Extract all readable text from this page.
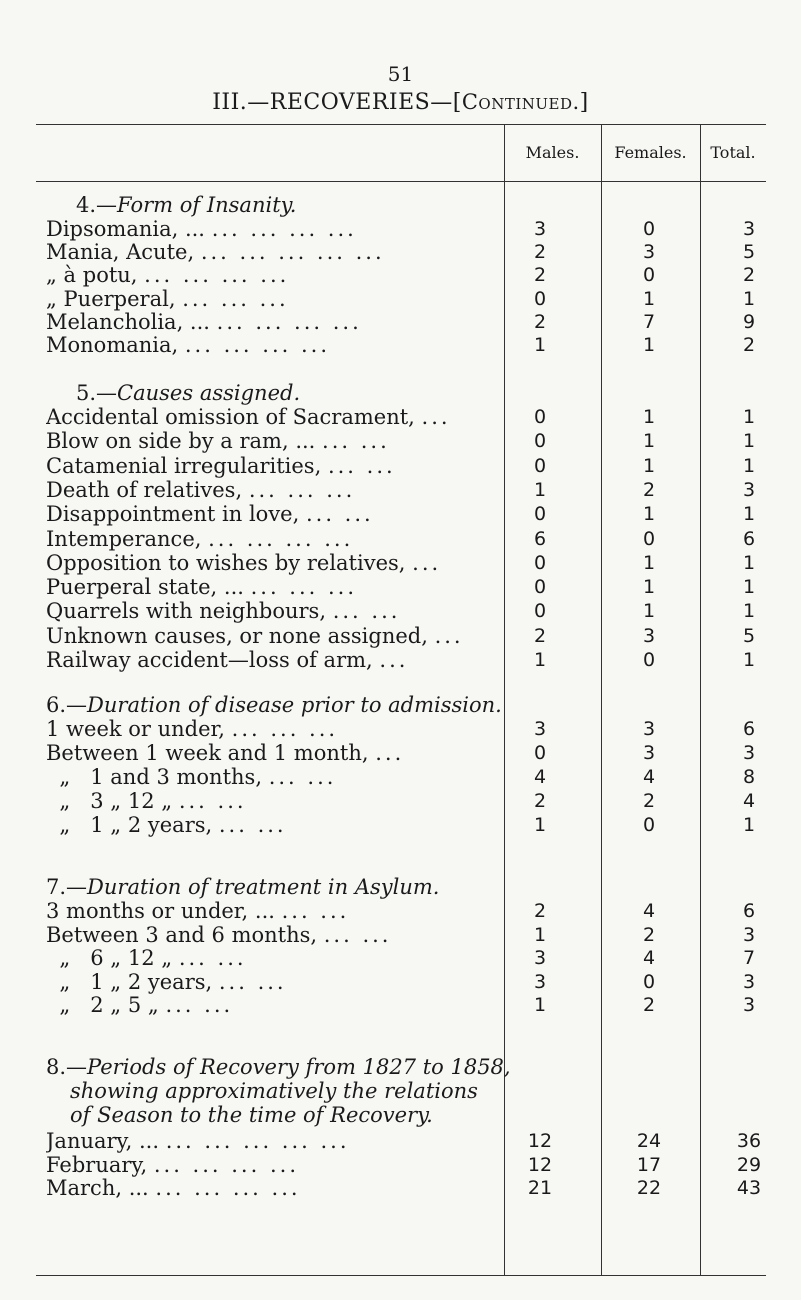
51
III.—RECOVERIES—[Continued.]
Males.	Females.	Total.
4.—Form of Insanity.
Dipsomania, ... ... ... ... ...	3	0	3
Mania, Acute, ... ... ... ... ...	2	3	5
„ à potu, ... ... ... ...	2	0	2
„ Puerperal, ... ... ...	0	1	1
Melancholia, ... ... ... ... ...	2	7	9
Monomania, ... ... ... ...	1	1	2
5.—Causes assigned.
Accidental omission of Sacrament, ...	0	1	1
Blow on side by a ram, ... ... ...	0	1	1
Catamenial irregularities, ... ...	0	1	1
Death of relatives, ... ... ...	1	2	3
Disappointment in love, ... ...	0	1	1
Intemperance, ... ... ... ...	6	0	6
Opposition to wishes by relatives, ...	0	1	1
Puerperal state, ... ... ... ...	0	1	1
Quarrels with neighbours, ... ...	0	1	1
Unknown causes, or none assigned, ...	2	3	5
Railway accident—loss of arm, ...	1	0	1
6.—Duration of disease prior to admission.
1 week or under, ... ... ...	3	3	6
Between 1 week and 1 month, ...	0	3	3
„   1 and 3 months, ... ...	4	4	8
„   3 „ 12 „ ... ...	2	2	4
„   1 „ 2 years, ... ...	1	0	1
7.—Duration of treatment in Asylum.
3 months or under, ... ... ...	2	4	6
Between 3 and 6 months, ... ...	1	2	3
„   6 „ 12 „ ... ...	3	4	7
„   1 „ 2 years, ... ...	3	0	3
„   2 „ 5 „ ... ...	1	2	3
8.—Periods of Recovery from 1827 to 1858,
showing approximatively the relations
of Season to the time of Recovery.
January, ... ... ... ... ... ...	12	24	36
February, ... ... ... ...	12	17	29
March, ... ... ... ... ...	21	22	43
